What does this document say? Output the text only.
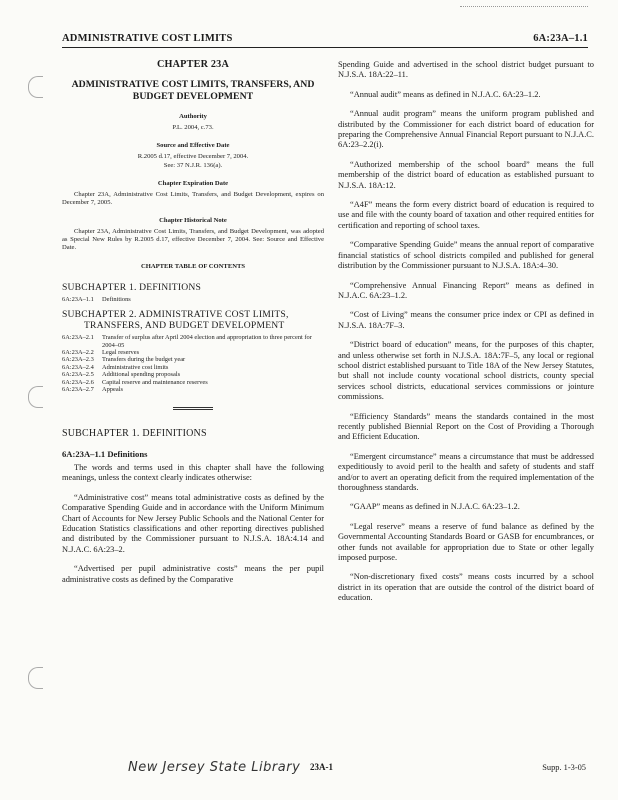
ADMINISTRATIVE COST LIMITS	6A:23A–1.1
CHAPTER 23A
ADMINISTRATIVE COST LIMITS, TRANSFERS, AND BUDGET DEVELOPMENT
Authority
P.L. 2004, c.73.
Source and Effective Date
R.2005 d.17, effective December 7, 2004.
See: 37 N.J.R. 136(a).
Chapter Expiration Date
Chapter 23A, Administrative Cost Limits, Transfers, and Budget Development, expires on December 7, 2005.
Chapter Historical Note
Chapter 23A, Administrative Cost Limits, Transfers, and Budget Development, was adopted as Special New Rules by R.2005 d.17, effective December 7, 2004. See: Source and Effective Date.
CHAPTER TABLE OF CONTENTS
SUBCHAPTER 1. DEFINITIONS
6A:23A–1.1	Definitions
SUBCHAPTER 2. ADMINISTRATIVE COST LIMITS,
TRANSFERS, AND BUDGET DEVELOPMENT
6A:23A–2.1	Transfer of surplus after April 2004 election and appropriation to three percent for 2004–05
6A:23A–2.2	Legal reserves
6A:23A–2.3	Transfers during the budget year
6A:23A–2.4	Administrative cost limits
6A:23A–2.5	Additional spending proposals
6A:23A–2.6	Capital reserve and maintenance reserves
6A:23A–2.7	Appeals
SUBCHAPTER 1. DEFINITIONS
6A:23A–1.1 Definitions

The words and terms used in this chapter shall have the following meanings, unless the context clearly indicates otherwise:

“Administrative cost” means total administrative costs as defined by the Comparative Spending Guide and in accordance with the Uniform Minimum Chart of Accounts for New Jersey Public Schools and the National Center for Education Statistics classifications and other reporting directives published and distributed by the Commissioner pursuant to N.J.S.A. 18A:4.14 and N.J.A.C. 6A:23–2.

“Advertised per pupil administrative costs” means the per pupil administrative costs as defined by the Comparative

Spending Guide and advertised in the school district budget pursuant to N.J.S.A. 18A:22–11.

“Annual audit” means as defined in N.J.A.C. 6A:23–1.2.

“Annual audit program” means the uniform program published and distributed by the Commissioner for each district board of education for preparing the Comprehensive Annual Financial Report pursuant to N.J.A.C. 6A:23–2.2(i).

“Authorized membership of the school board” means the full membership of the district board of education as established pursuant to N.J.S.A. 18A:12.

“A4F” means the form every district board of education is required to use and file with the county board of taxation and other required entities for certification and reporting of school taxes.

“Comparative Spending Guide” means the annual report of comparative financial statistics of school districts compiled and published for general distribution by the Commissioner pursuant to N.J.S.A. 18A:4–30.

“Comprehensive Annual Financing Report” means as defined in N.J.A.C. 6A:23–1.2.

“Cost of Living” means the consumer price index or CPI as defined in N.J.S.A. 18A:7F–3.

“District board of education” means, for the purposes of this chapter, and unless otherwise set forth in N.J.S.A. 18A:7F–5, any local or regional school district established pursuant to Title 18A of the New Jersey Statutes, but shall not include county vocational school districts, county special services school districts, educational services commissions or jointure commissions.

“Efficiency Standards” means the standards contained in the most recently published Biennial Report on the Cost of Providing a Thorough and Efficient Education.

“Emergent circumstance” means a circumstance that must be addressed expeditiously to avoid peril to the health and safety of students and staff and/or to avert an operating deficit from the required implementation of the thoroughness standards.

“GAAP” means as defined in N.J.A.C. 6A:23–1.2.

“Legal reserve” means a reserve of fund balance as defined by the Governmental Accounting Standards Board or GASB for encumbrances, or other funds not available for appropriation due to State or other legally imposed purpose.

“Non-discretionary fixed costs” means costs incurred by a school district in its operation that are outside the control of the district board of education.

New Jersey State Library 23A-1	Supp. 1-3-05
